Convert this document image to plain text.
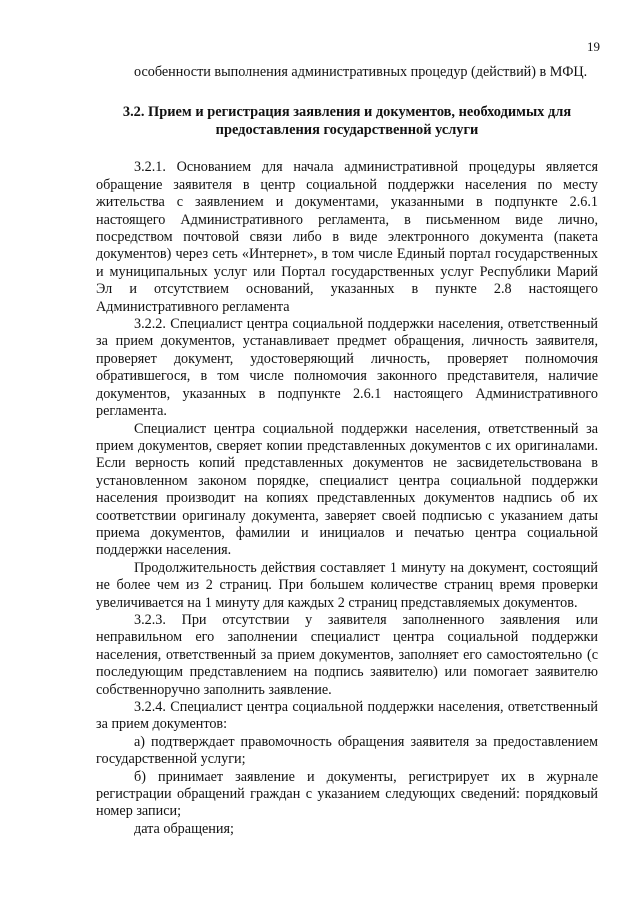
19

особенности выполнения административных процедур (действий) в МФЦ.

3.2. Прием и регистрация заявления и документов, необходимых для
предоставления государственной услуги

3.2.1. Основанием для начала административной процедуры является обращение заявителя в центр социальной поддержки населения по месту жительства с заявлением и документами, указанными в подпункте 2.6.1 настоящего Административного регламента, в письменном виде лично, посредством почтовой связи либо в виде электронного документа (пакета документов) через сеть «Интернет», в том числе Единый портал государственных и муниципальных услуг или Портал государственных услуг Республики Марий Эл и отсутствием оснований, указанных в пункте 2.8 настоящего Административного регламента

3.2.2. Специалист центра социальной поддержки населения, ответственный за прием документов, устанавливает предмет обращения, личность заявителя, проверяет документ, удостоверяющий личность, проверяет полномочия обратившегося, в том числе полномочия законного представителя, наличие документов, указанных в подпункте 2.6.1 настоящего Административного регламента.

Специалист центра социальной поддержки населения, ответственный за прием документов, сверяет копии представленных документов с их оригиналами. Если верность копий представленных документов не засвидетельствована в установленном законом порядке, специалист центра социальной поддержки населения производит на копиях представленных документов надпись об их соответствии оригиналу документа, заверяет своей подписью с указанием даты приема документов, фамилии и инициалов и печатью центра социальной поддержки населения.

Продолжительность действия составляет 1 минуту на документ, состоящий не более чем из 2 страниц. При большем количестве страниц время проверки увеличивается на 1 минуту для каждых 2 страниц представляемых документов.

3.2.3. При отсутствии у заявителя заполненного заявления или неправильном его заполнении специалист центра социальной поддержки населения, ответственный за прием документов, заполняет его самостоятельно (с последующим представлением на подпись заявителю) или помогает заявителю собственноручно заполнить заявление.

3.2.4. Специалист центра социальной поддержки населения, ответственный за прием документов:

а) подтверждает правомочность обращения заявителя за предоставлением государственной услуги;

б) принимает заявление и документы, регистрирует их в журнале регистрации обращений граждан с указанием следующих сведений: порядковый номер записи;

дата обращения;
